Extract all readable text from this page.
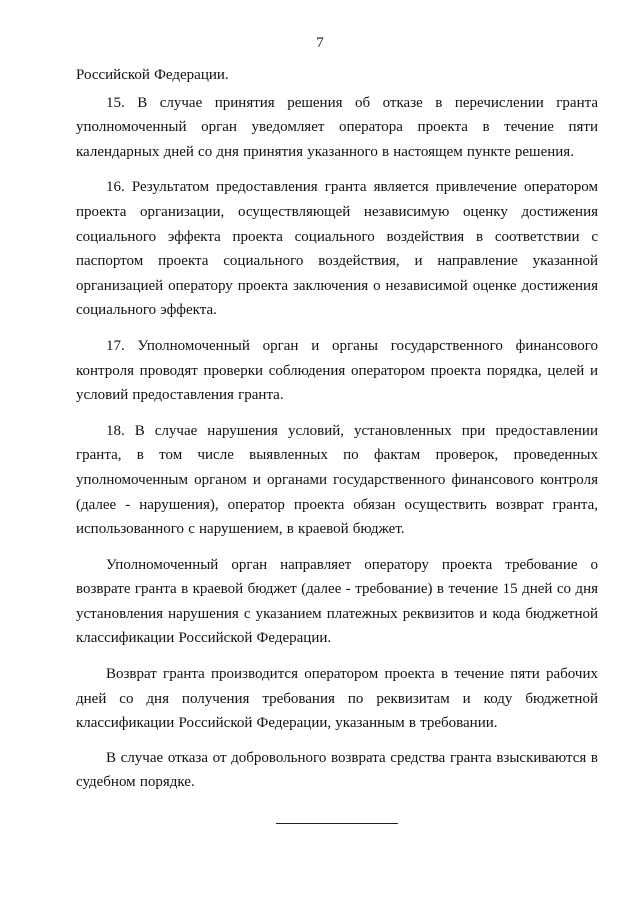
7

Российской Федерации.

15. В случае принятия решения об отказе в перечислении гранта уполномоченный орган уведомляет оператора проекта в течение пяти календарных дней со дня принятия указанного в настоящем пункте решения.

16. Результатом предоставления гранта является привлечение оператором проекта организации, осуществляющей независимую оценку достижения социального эффекта проекта социального воздействия в соответствии с паспортом проекта социального воздействия, и направление указанной организацией оператору проекта заключения о независимой оценке достижения социального эффекта.

17. Уполномоченный орган и органы государственного финансового контроля проводят проверки соблюдения оператором проекта порядка, целей и условий предоставления гранта.

18. В случае нарушения условий, установленных при предоставлении гранта, в том числе выявленных по фактам проверок, проведенных уполномоченным органом и органами государственного финансового контроля (далее - нарушения), оператор проекта обязан осуществить возврат гранта, использованного с нарушением, в краевой бюджет.

Уполномоченный орган направляет оператору проекта требование о возврате гранта в краевой бюджет (далее - требование) в течение 15 дней со дня установления нарушения с указанием платежных реквизитов и кода бюджетной классификации Российской Федерации.

Возврат гранта производится оператором проекта в течение пяти рабочих дней со дня получения требования по реквизитам и коду бюджетной классификации Российской Федерации, указанным в требовании.

В случае отказа от добровольного возврата средства гранта взыскиваются в судебном порядке.
